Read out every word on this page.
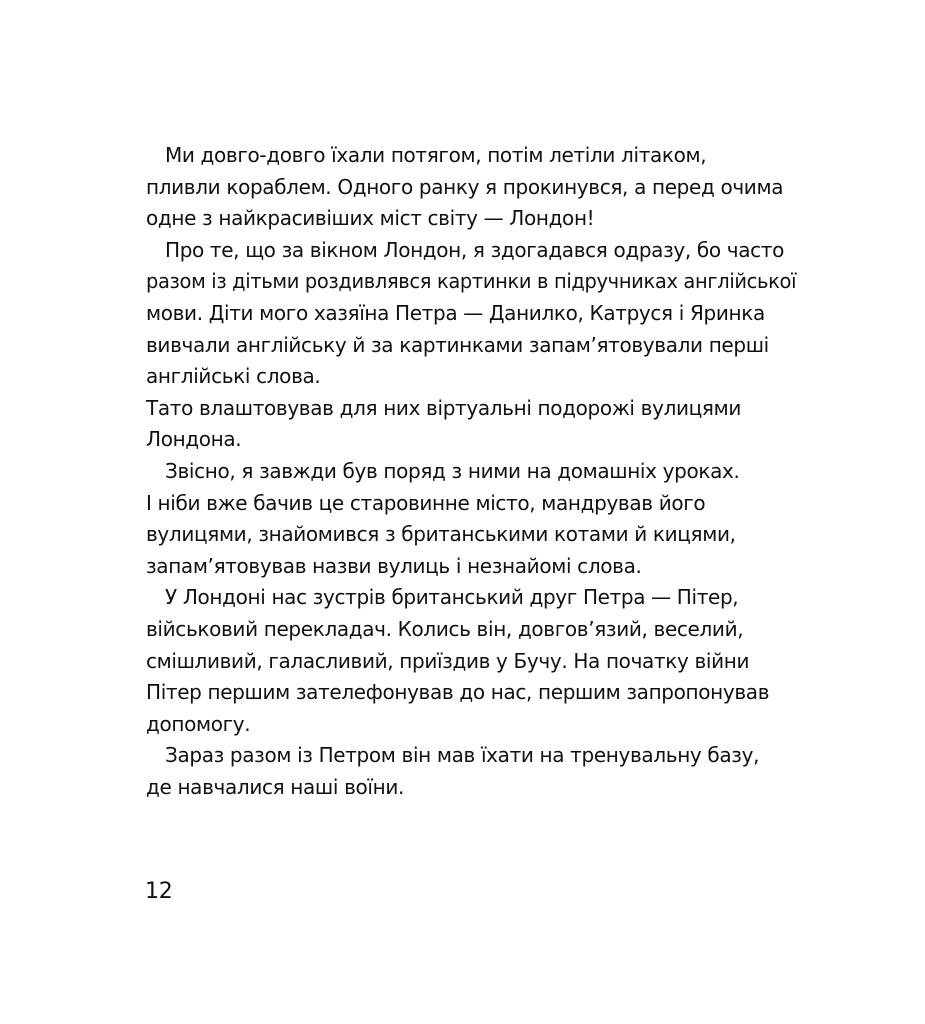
Ми довго-довго їхали потягом, потім летіли літаком,
пливли кораблем. Одного ранку я прокинувся, а перед очима
одне з найкрасивіших міст світу — Лондон!
Про те, що за вікном Лондон, я здогадався одразу, бо часто
разом із дітьми роздивлявся картинки в підручниках англійської
мови. Діти мого хазяїна Петра — Данилко, Катруся і Яринка
вивчали англійську й за картинками запам’ятовували перші
англійські слова.
Тато влаштовував для них віртуальні подорожі вулицями
Лондона.
Звісно, я завжди був поряд з ними на домашніх уроках.
І ніби вже бачив це старовинне місто, мандрував його
вулицями, знайомився з британськими котами й кицями,
запам’ятовував назви вулиць і незнайомі слова.
У Лондоні нас зустрів британський друг Петра — Пітер,
військовий перекладач. Колись він, довгов’язий, веселий,
смішливий, галасливий, приїздив у Бучу. На початку війни
Пітер першим зателефонував до нас, першим запропонував
допомогу.
Зараз разом із Петром він мав їхати на тренувальну базу,
де навчалися наші воїни.
12
